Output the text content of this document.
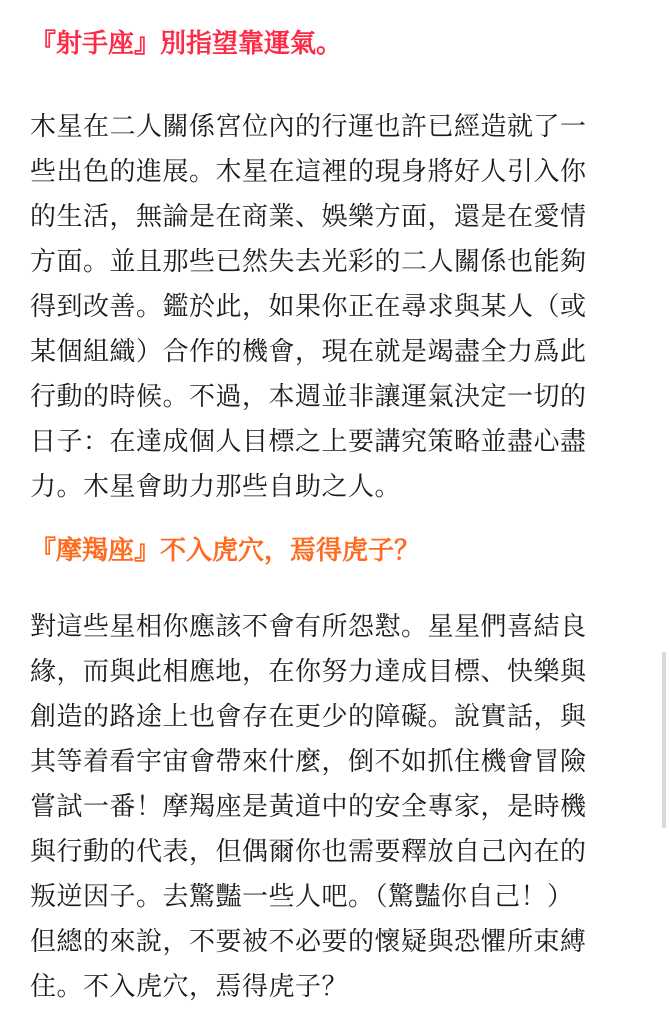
『射手座』別指望靠運氣。
木星在二人關係宮位內的行運也許已經造就了一
些出色的進展。木星在這裡的現身將好人引入你
的生活，無論是在商業、娛樂方面，還是在愛情
方面。並且那些已然失去光彩的二人關係也能夠
得到改善。鑑於此，如果你正在尋求與某人（或
某個組織）合作的機會，現在就是竭盡全力爲此
行動的時候。不過，本週並非讓運氣決定一切的
日子：在達成個人目標之上要講究策略並盡心盡
力。木星會助力那些自助之人。
『摩羯座』不入虎穴，焉得虎子？
對這些星相你應該不會有所怨懟。星星們喜結良
緣，而與此相應地，在你努力達成目標、快樂與
創造的路途上也會存在更少的障礙。說實話，與
其等着看宇宙會帶來什麼，倒不如抓住機會冒險
嘗試一番！摩羯座是黃道中的安全專家，是時機
與行動的代表，但偶爾你也需要釋放自己內在的
叛逆因子。去驚豔一些人吧。（驚豔你自己！）
但總的來說，不要被不必要的懷疑與恐懼所束縛
住。不入虎穴，焉得虎子？
